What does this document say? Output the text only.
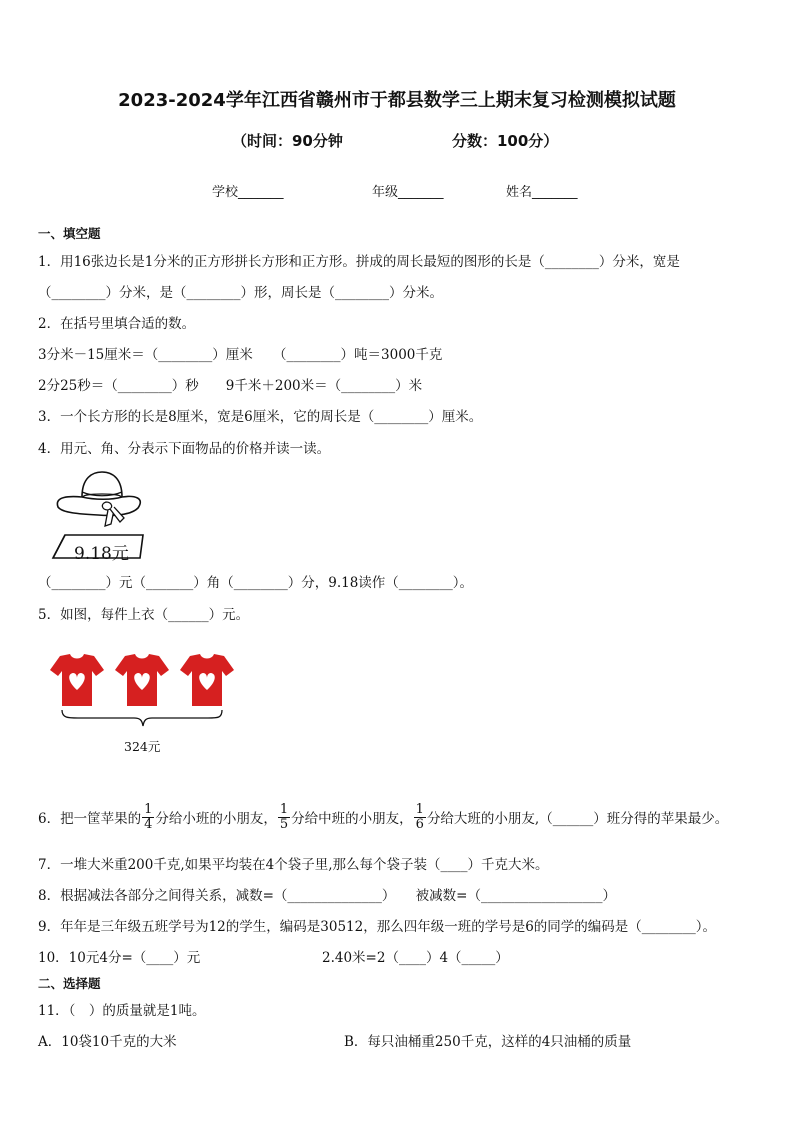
2023-2024学年江西省赣州市于都县数学三上期末复习检测模拟试题
（时间：90分钟	分数：100分）
学校_______	年级_______	姓名_______
一、填空题
1．用16张边长是1分米的正方形拼长方形和正方形。拼成的周长最短的图形的长是（________）分米，宽是
（________）分米，是（________）形，周长是（________）分米。
2．在括号里填合适的数。
3分米－15厘米＝（________）厘米　　（________）吨＝3000千克
2分25秒＝（________）秒　　9千米＋200米＝（________）米
3．一个长方形的长是8厘米，宽是6厘米，它的周长是（________）厘米。
4．用元、角、分表示下面物品的价格并读一读。
9.18元
（________）元（_______）角（________）分，9.18读作（________）。
5．如图，每件上衣（______）元。
324元
6．把一筐苹果的 $\frac{1}{4}$ 分给小班的小朋友， $\frac{1}{5}$ 分给中班的小朋友， $\frac{1}{6}$ 分给大班的小朋友,（______）班分得的苹果最少。
7．一堆大米重200千克,如果平均装在4个袋子里,那么每个袋子装（____）千克大米。
8．根据减法各部分之间得关系，减数=（______________）　　被减数=（__________________）
9．年年是三年级五班学号为12的学生，编码是30512，那么四年级一班的学号是6的同学的编码是（________）。
10．10元4分=（____）元	2.40米=2（____）4（_____）
二、选择题
11．（　）的质量就是1吨。
A．10袋10千克的大米	B．每只油桶重250千克，这样的4只油桶的质量
